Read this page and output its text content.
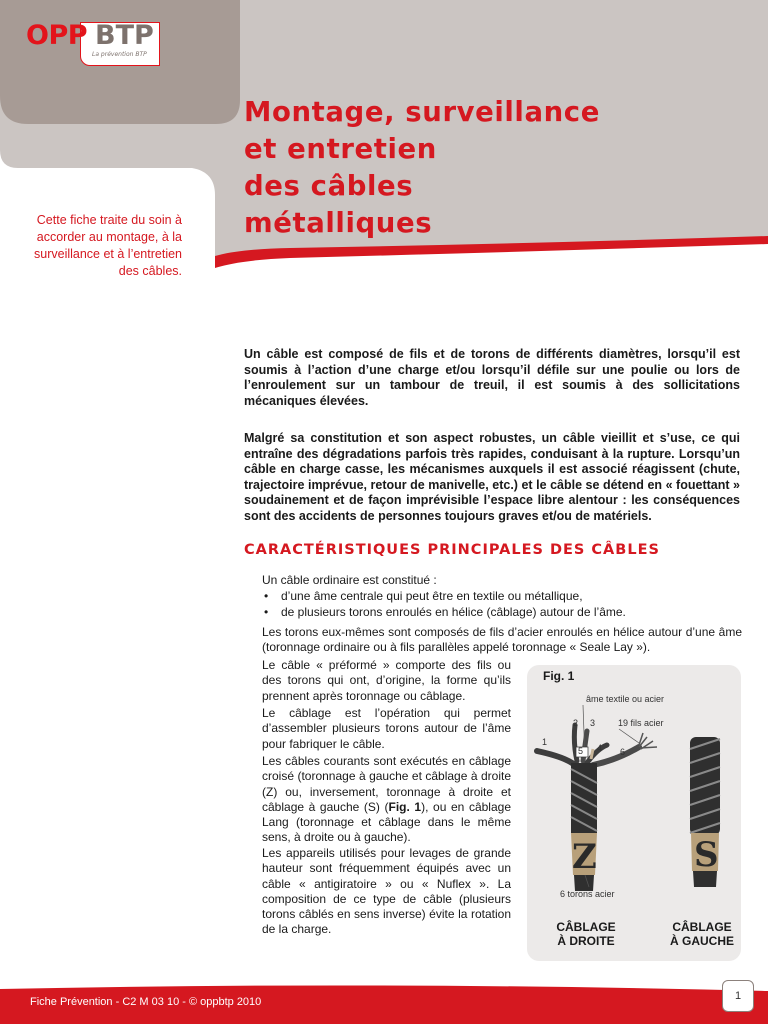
OPP BTP
La prévention BTP
Montage, surveillance
et entretien
des câbles
métalliques

Cette fiche traite du soin à accorder au montage, à la surveillance et à l’entretien des câbles.

Un câble est composé de fils et de torons de différents diamètres, lorsqu’il est soumis à l’action d’une charge et/ou lorsqu’il défile sur une poulie ou lors de l’enroulement sur un tambour de treuil, il est soumis à des sollicitations mécaniques élevées.

Malgré sa constitution et son aspect robustes, un câble vieillit et s’use, ce qui entraîne des dégradations parfois très rapides, conduisant à la rupture. Lorsqu’un câble en charge casse, les mécanismes auxquels il est associé réagissent (chute, trajectoire imprévue, retour de manivelle, etc.) et le câble se détend en « fouettant » soudainement et de façon imprévisible l’espace libre alentour : les conséquences sont des accidents de personnes toujours graves et/ou de matériels.

CARACTÉRISTIQUES PRINCIPALES DES CÂBLES

Un câble ordinaire est constitué :

• d’une âme centrale qui peut être en textile ou métallique,
• de plusieurs torons enroulés en hélice (câblage) autour de l’âme.

Les torons eux-mêmes sont composés de fils d’acier enroulés en hélice autour d’une âme (toronnage ordinaire ou à fils parallèles appelé toronnage « Seale Lay »).

Le câble « préformé » comporte des fils ou des torons qui ont, d’origine, la forme qu’ils prennent après toronnage ou câblage.

Le câblage est l’opération qui permet d’assembler plusieurs torons autour de l’âme pour fabriquer le câble.

Les câbles courants sont exécutés en câblage croisé (toronnage à gauche et câblage à droite (Z) ou, inversement, toronnage à droite et câblage à gauche (S) (Fig. 1), ou en câblage Lang (toronnage et câblage dans le même sens, à droite ou à gauche).

Les appareils utilisés pour levages de grande hauteur sont fréquemment équipés avec un câble « antigiratoire » ou « Nuflex ». La composition de ce type de câble (plusieurs torons câblés en sens inverse) évite la rotation de la charge.

Fig. 1
âme textile ou acier
19 fils acier
1
2 3
4
5	6
Z	S
6 torons acier
CÂBLAGE
À DROITE
CÂBLAGE
À GAUCHE
Fiche Prévention - C2 M 03 10 - © oppbtp 2010	1
